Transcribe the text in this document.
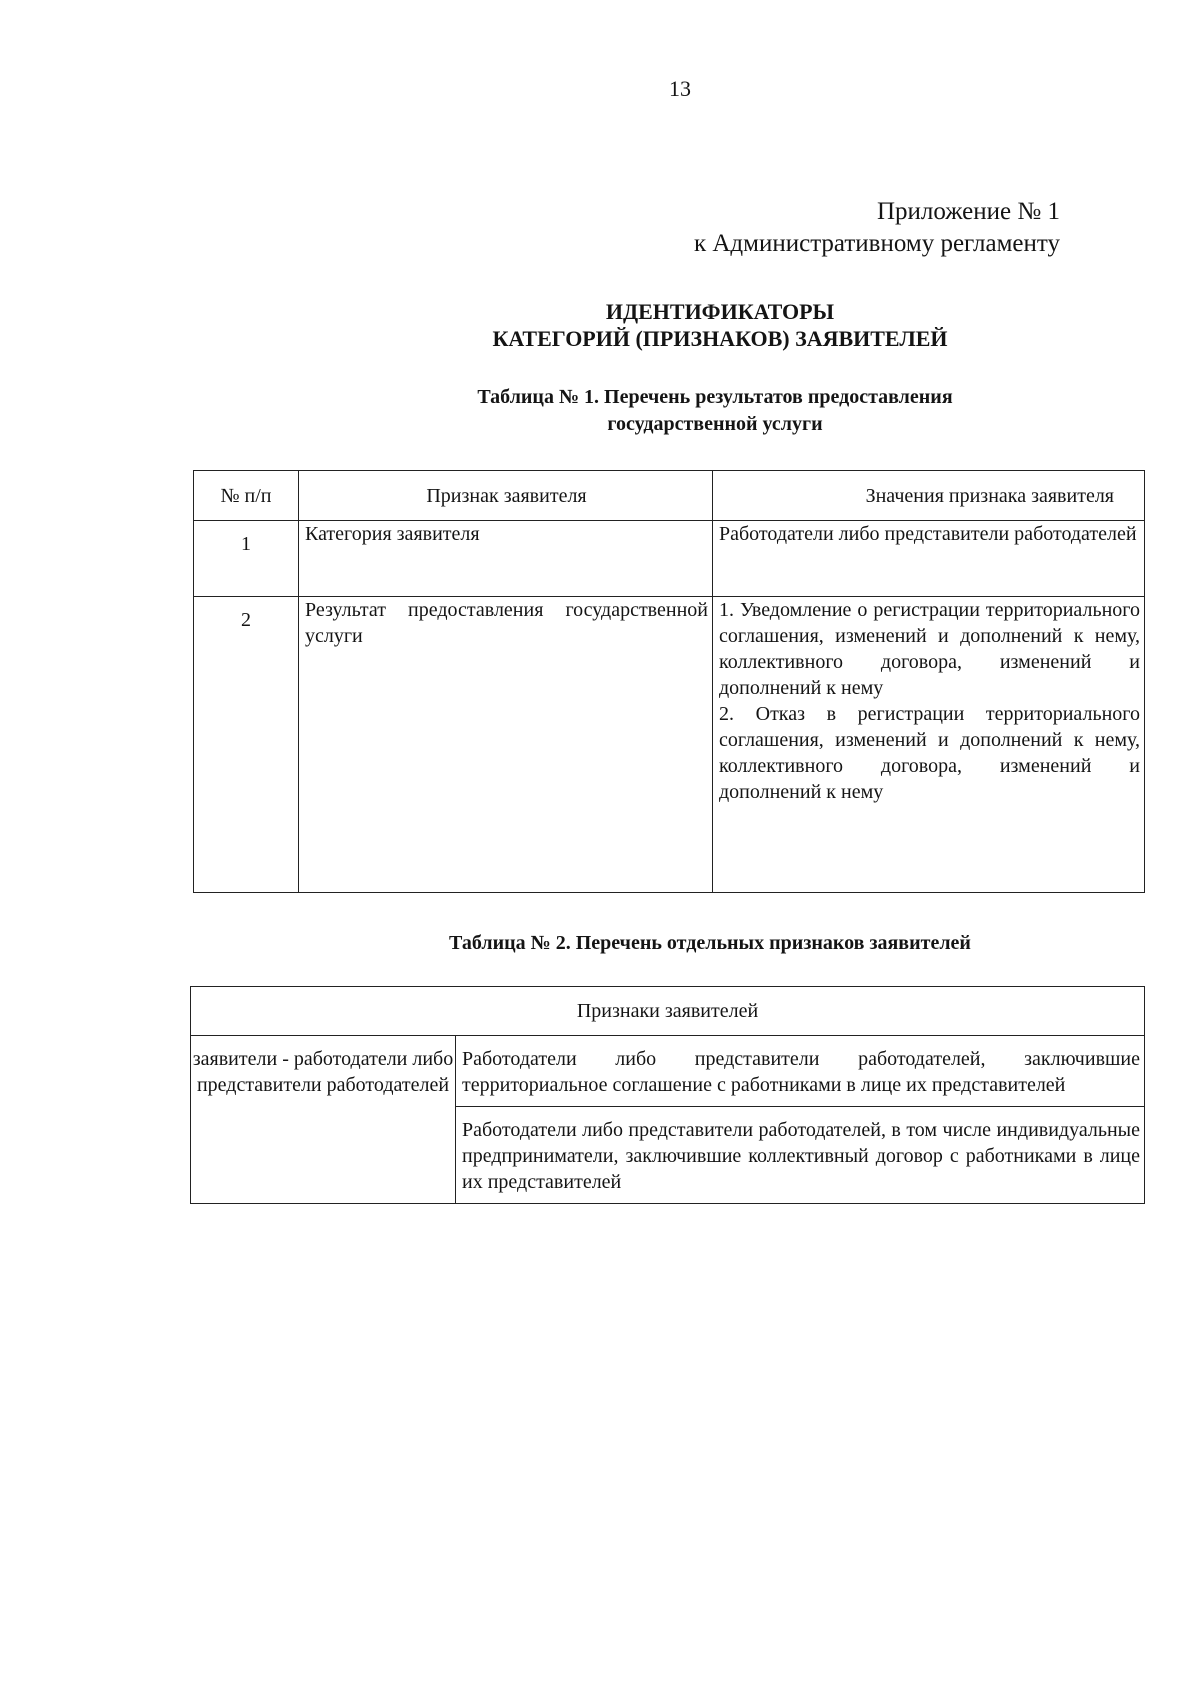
13
Приложение № 1
к Административному регламенту
ИДЕНТИФИКАТОРЫ
КАТЕГОРИЙ (ПРИЗНАКОВ) ЗАЯВИТЕЛЕЙ
Таблица № 1. Перечень результатов предоставления
государственной услуги
№ п/п	Признак заявителя	Значения признака заявителя
1	Категория заявителя	Работодатели либо представители работодателей
2	Результат предоставления государственной услуги	1. Уведомление о регистрации территориального соглашения, изменений и дополнений к нему, коллективного договора, изменений и дополнений к нему
2. Отказ в регистрации территориального соглашения, изменений и дополнений к нему, коллективного договора, изменений и дополнений к нему
Таблица № 2. Перечень отдельных признаков заявителей
Признаки заявителей
заявители - работодатели либо представители работодателей	Работодатели либо представители работодателей, заключившие территориальное соглашение с работниками в лице их представителей
Работодатели либо представители работодателей, в том числе индивидуальные предприниматели, заключившие коллективный договор с работниками в лице их представителей
